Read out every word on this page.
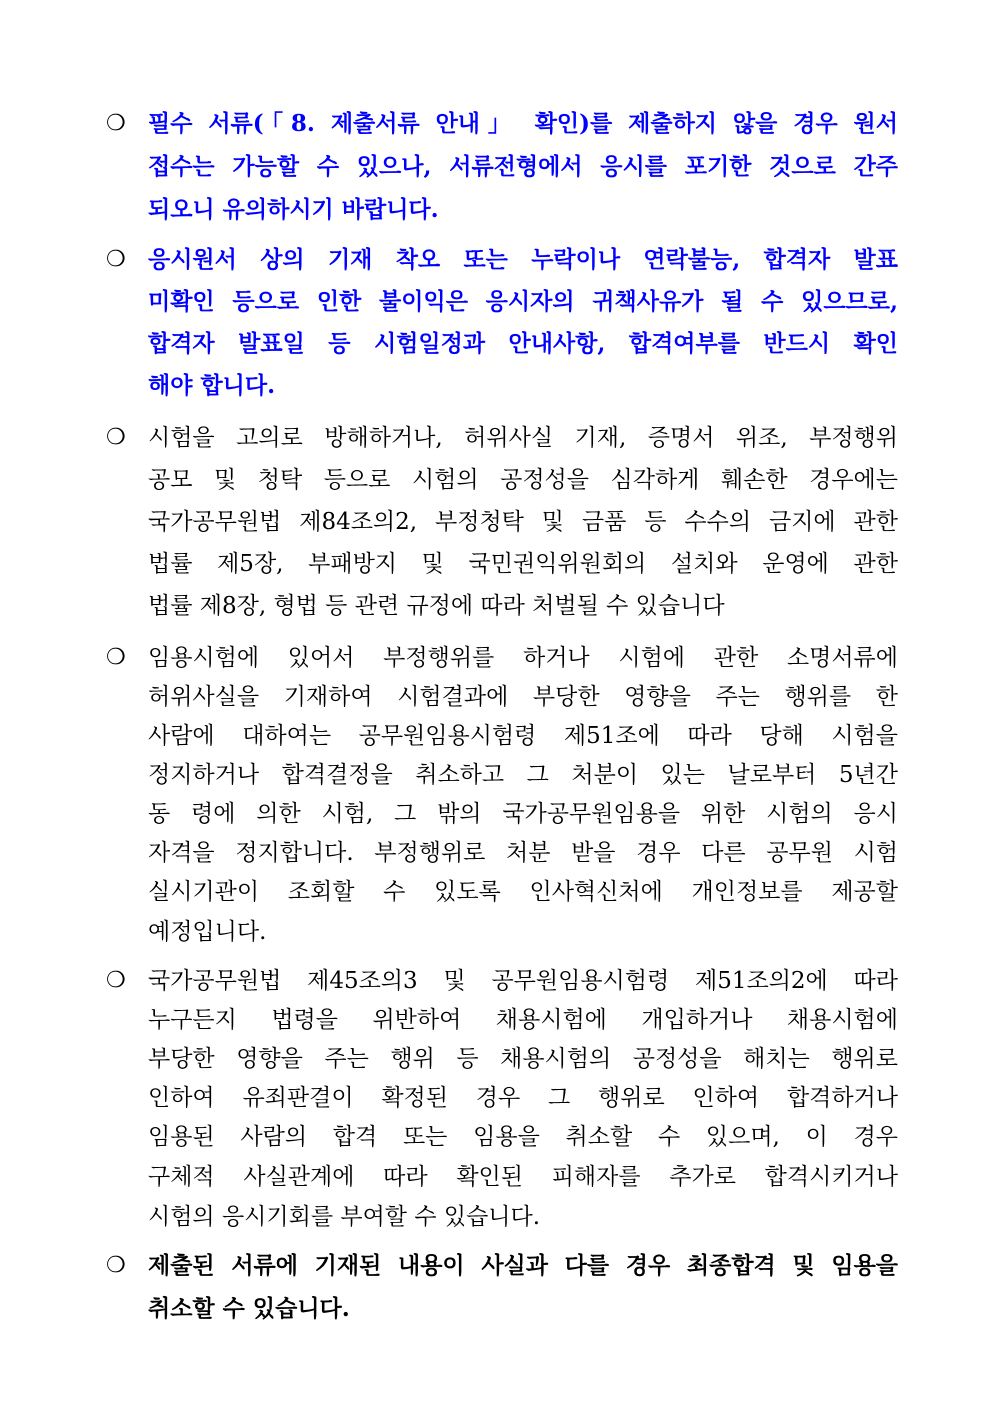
❍ 필수 서류(「8. 제출서류 안내」 확인)를 제출하지 않을 경우 원서
접수는 가능할 수 있으나, 서류전형에서 응시를 포기한 것으로 간주
되오니 유의하시기 바랍니다.
❍ 응시원서 상의 기재 착오 또는 누락이나 연락불능, 합격자 발표
미확인 등으로 인한 불이익은 응시자의 귀책사유가 될 수 있으므로,
합격자 발표일 등 시험일정과 안내사항, 합격여부를 반드시 확인
해야 합니다.
❍ 시험을 고의로 방해하거나, 허위사실 기재, 증명서 위조, 부정행위
공모 및 청탁 등으로 시험의 공정성을 심각하게 훼손한 경우에는
국가공무원법 제84조의2, 부정청탁 및 금품 등 수수의 금지에 관한
법률 제5장, 부패방지 및 국민권익위원회의 설치와 운영에 관한
법률 제8장, 형법 등 관련 규정에 따라 처벌될 수 있습니다
❍ 임용시험에 있어서 부정행위를 하거나 시험에 관한 소명서류에
허위사실을 기재하여 시험결과에 부당한 영향을 주는 행위를 한
사람에 대하여는 공무원임용시험령 제51조에 따라 당해 시험을
정지하거나 합격결정을 취소하고 그 처분이 있는 날로부터 5년간
동 령에 의한 시험, 그 밖의 국가공무원임용을 위한 시험의 응시
자격을 정지합니다. 부정행위로 처분 받을 경우 다른 공무원 시험
실시기관이 조회할 수 있도록 인사혁신처에 개인정보를 제공할
예정입니다.
❍ 국가공무원법 제45조의3 및 공무원임용시험령 제51조의2에 따라
누구든지 법령을 위반하여 채용시험에 개입하거나 채용시험에
부당한 영향을 주는 행위 등 채용시험의 공정성을 해치는 행위로
인하여 유죄판결이 확정된 경우 그 행위로 인하여 합격하거나
임용된 사람의 합격 또는 임용을 취소할 수 있으며, 이 경우
구체적 사실관계에 따라 확인된 피해자를 추가로 합격시키거나
시험의 응시기회를 부여할 수 있습니다.
❍ 제출된 서류에 기재된 내용이 사실과 다를 경우 최종합격 및 임용을
취소할 수 있습니다.
